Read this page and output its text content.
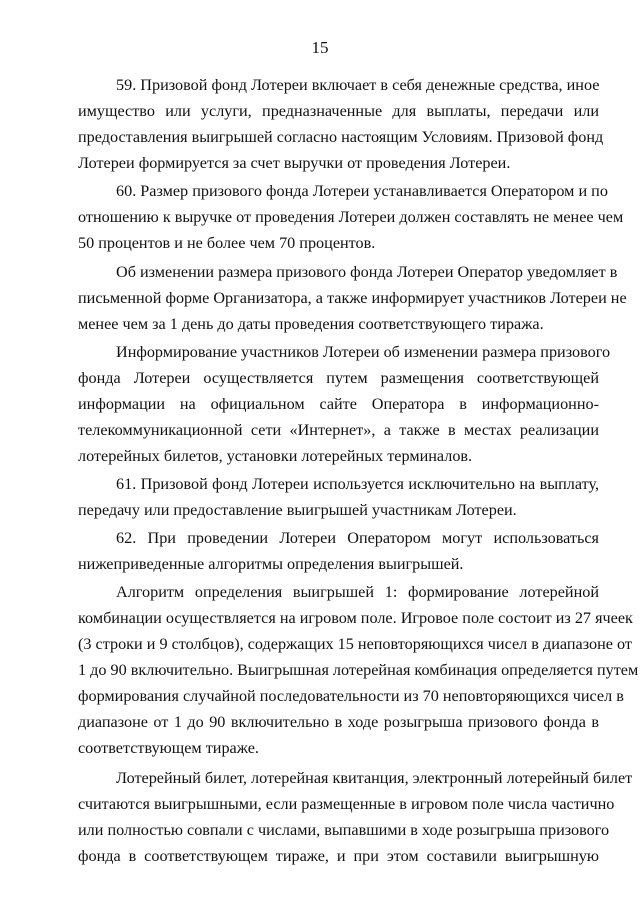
15
59. Призовой фонд Лотереи включает в себя денежные средства, иное
имущество или услуги, предназначенные для выплаты, передачи или
предоставления выигрышей согласно настоящим Условиям. Призовой фонд
Лотереи формируется за счет выручки от проведения Лотереи.
60. Размер призового фонда Лотереи устанавливается Оператором и по
отношению к выручке от проведения Лотереи должен составлять не менее чем
50 процентов и не более чем 70 процентов.
Об изменении размера призового фонда Лотереи Оператор уведомляет в
письменной форме Организатора, а также информирует участников Лотереи не
менее чем за 1 день до даты проведения соответствующего тиража.
Информирование участников Лотереи об изменении размера призового
фонда Лотереи осуществляется путем размещения соответствующей
информации на официальном сайте Оператора в информационно-
телекоммуникационной сети «Интернет», а также в местах реализации
лотерейных билетов, установки лотерейных терминалов.
61. Призовой фонд Лотереи используется исключительно на выплату,
передачу или предоставление выигрышей участникам Лотереи.
62. При проведении Лотереи Оператором могут использоваться
нижеприведенные алгоритмы определения выигрышей.
Алгоритм определения выигрышей 1: формирование лотерейной
комбинации осуществляется на игровом поле. Игровое поле состоит из 27 ячеек
(3 строки и 9 столбцов), содержащих 15 неповторяющихся чисел в диапазоне от
1 до 90 включительно. Выигрышная лотерейная комбинация определяется путем
формирования случайной последовательности из 70 неповторяющихся чисел в
диапазоне от 1 до 90 включительно в ходе розыгрыша призового фонда в
соответствующем тираже.
Лотерейный билет, лотерейная квитанция, электронный лотерейный билет
считаются выигрышными, если размещенные в игровом поле числа частично
или полностью совпали с числами, выпавшими в ходе розыгрыша призового
фонда в соответствующем тираже, и при этом составили выигрышную
